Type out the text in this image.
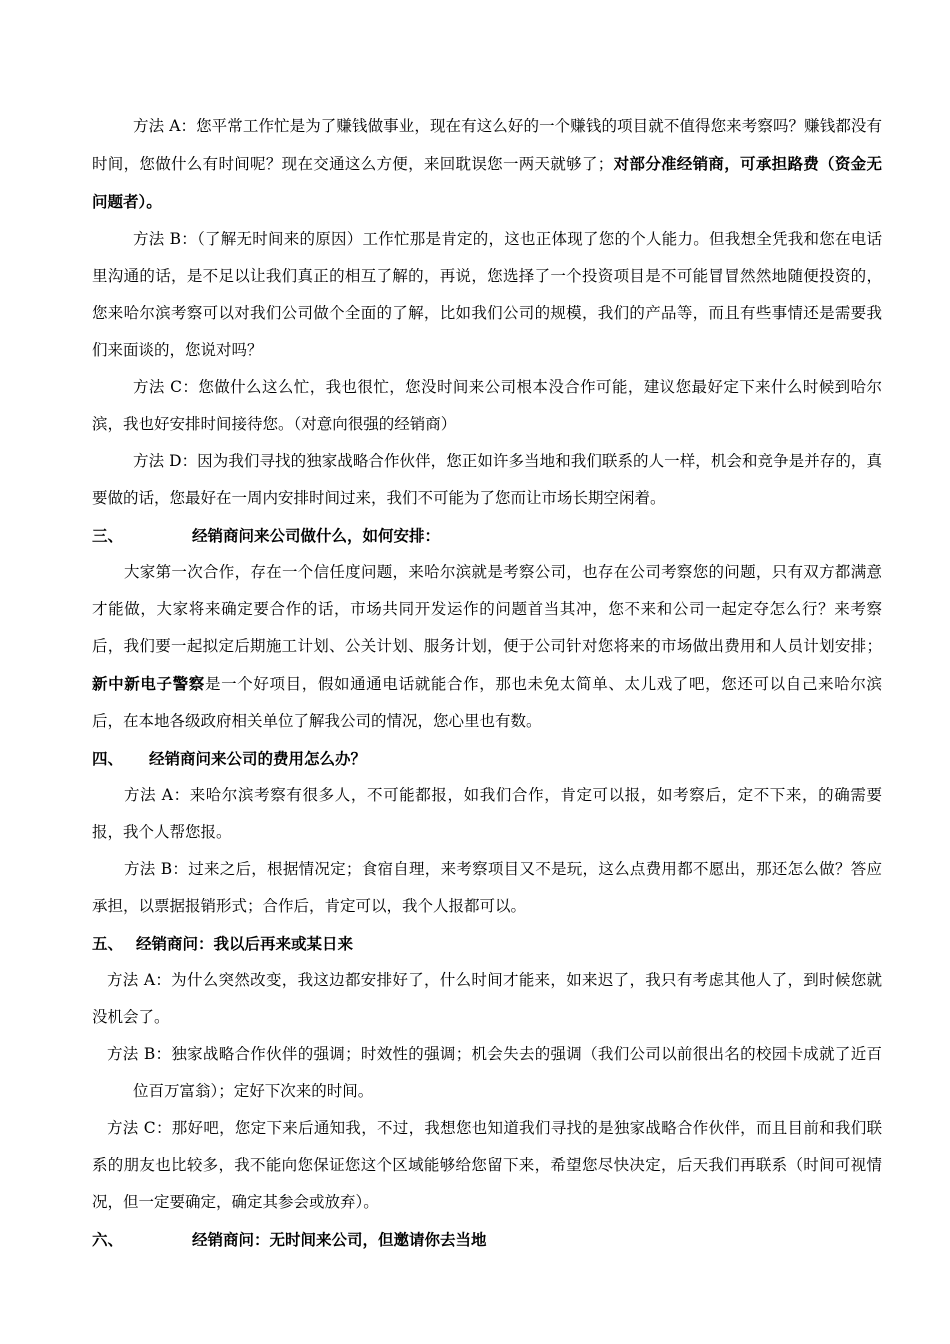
方法 A：您平常工作忙是为了赚钱做事业，现在有这么好的一个赚钱的项目就不值得您来考察吗？赚钱都没有时间，您做什么有时间呢？现在交通这么方便，来回耽误您一两天就够了；对部分准经销商，可承担路费（资金无问题者）。

方法 B：（了解无时间来的原因）工作忙那是肯定的，这也正体现了您的个人能力。但我想全凭我和您在电话里沟通的话，是不足以让我们真正的相互了解的，再说，您选择了一个投资项目是不可能冒冒然然地随便投资的，您来哈尔滨考察可以对我们公司做个全面的了解，比如我们公司的规模，我们的产品等，而且有些事情还是需要我们来面谈的，您说对吗？

方法 C：您做什么这么忙，我也很忙，您没时间来公司根本没合作可能，建议您最好定下来什么时候到哈尔滨，我也好安排时间接待您。（对意向很强的经销商）

方法 D：因为我们寻找的独家战略合作伙伴，您正如许多当地和我们联系的人一样，机会和竞争是并存的，真要做的话，您最好在一周内安排时间过来，我们不可能为了您而让市场长期空闲着。

三、	经销商问来公司做什么，如何安排：

大家第一次合作，存在一个信任度问题，来哈尔滨就是考察公司，也存在公司考察您的问题，只有双方都满意才能做，大家将来确定要合作的话，市场共同开发运作的问题首当其冲，您不来和公司一起定夺怎么行？来考察后，我们要一起拟定后期施工计划、公关计划、服务计划，便于公司针对您将来的市场做出费用和人员计划安排；新中新电子警察是一个好项目，假如通通电话就能合作，那也未免太简单、太儿戏了吧，您还可以自己来哈尔滨后，在本地各级政府相关单位了解我公司的情况，您心里也有数。

四、 经销商问来公司的费用怎么办？

方法 A：来哈尔滨考察有很多人，不可能都报，如我们合作，肯定可以报，如考察后，定不下来，的确需要报，我个人帮您报。

方法 B：过来之后，根据情况定；食宿自理，来考察项目又不是玩，这么点费用都不愿出，那还怎么做？答应承担，以票据报销形式；合作后，肯定可以，我个人报都可以。

五、 经销商问：我以后再来或某日来

方法 A：为什么突然改变，我这边都安排好了，什么时间才能来，如来迟了，我只有考虑其他人了，到时候您就没机会了。

方法 B：独家战略合作伙伴的强调；时效性的强调；机会失去的强调（我们公司以前很出名的校园卡成就了近百位百万富翁）；定好下次来的时间。

方法 C：那好吧，您定下来后通知我，不过，我想您也知道我们寻找的是独家战略合作伙伴，而且目前和我们联系的朋友也比较多，我不能向您保证您这个区域能够给您留下来，希望您尽快决定，后天我们再联系（时间可视情况，但一定要确定，确定其参会或放弃）。

六、	经销商问：无时间来公司，但邀请你去当地
